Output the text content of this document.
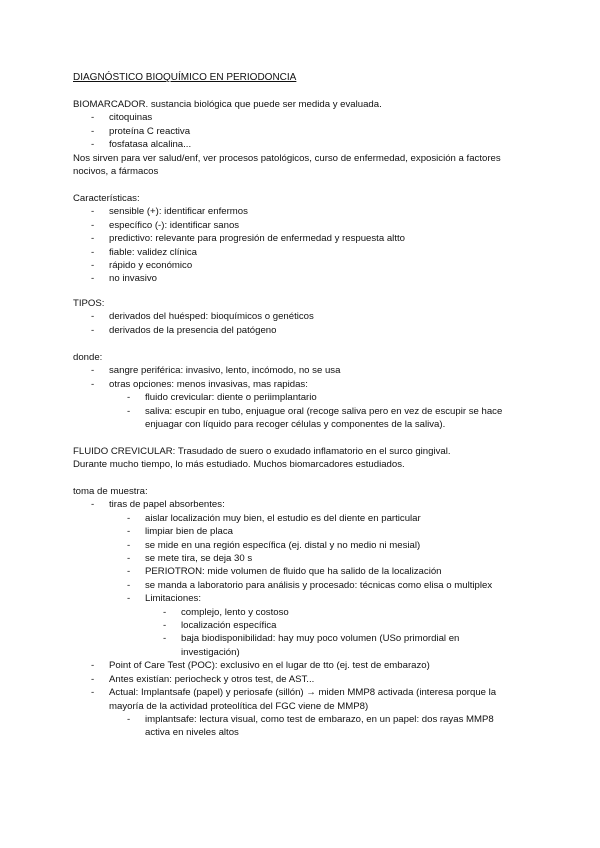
DIAGNÓSTICO BIOQUÍMICO EN PERIODONCIA

BIOMARCADOR. sustancia biológica que puede ser medida y evaluada.

-	citoquinas
-	proteína C reactiva
-	fosfatasa alcalina...

Nos sirven para ver salud/enf, ver procesos patológicos, curso de enfermedad, exposición a factores nocivos, a fármacos

Características:

-	sensible (+): identificar enfermos
-	específico (-): identificar sanos
-	predictivo: relevante para progresión de enfermedad y respuesta altto
-	fiable: validez clínica
-	rápido y económico
-	no invasivo

TIPOS:

-	derivados del huésped: bioquímicos o genéticos
-	derivados de la presencia del patógeno

donde:

-	sangre periférica: invasivo, lento, incómodo, no se usa
-	otras opciones: menos invasivas, mas rapidas:
-	fluido crevicular: diente o periimplantario
-	saliva: escupir en tubo, enjuague oral (recoge saliva pero en vez de escupir se hace enjuagar con líquido para recoger células y componentes de la saliva).

FLUIDO CREVICULAR: Trasudado de suero o exudado inflamatorio en el surco gingival.

Durante mucho tiempo, lo más estudiado. Muchos biomarcadores estudiados.

toma de muestra:

-	tiras de papel absorbentes:
-	aislar localización muy bien, el estudio es del diente en particular
-	limpiar bien de placa
-	se mide en una región específica (ej. distal y no medio ni mesial)
-	se mete tira, se deja 30 s
-	PERIOTRON: mide volumen de fluido que ha salido de la localización
-	se manda a laboratorio para análisis y procesado: técnicas como elisa o multiplex
-	Limitaciones:
-	complejo, lento y costoso
-	localización específica
-	baja biodisponibilidad: hay muy poco volumen (USo primordial en investigación)
-	Point of Care Test (POC): exclusivo en el lugar de tto (ej. test de embarazo)
-	Antes existían: periocheck y otros test, de AST...
-	Actual: Implantsafe (papel) y periosafe (sillón) → miden MMP8 activada (interesa porque la mayoría de la actividad proteolítica del FGC viene de MMP8)
-	implantsafe: lectura visual, como test de embarazo, en un papel: dos rayas MMP8 activa en niveles altos
